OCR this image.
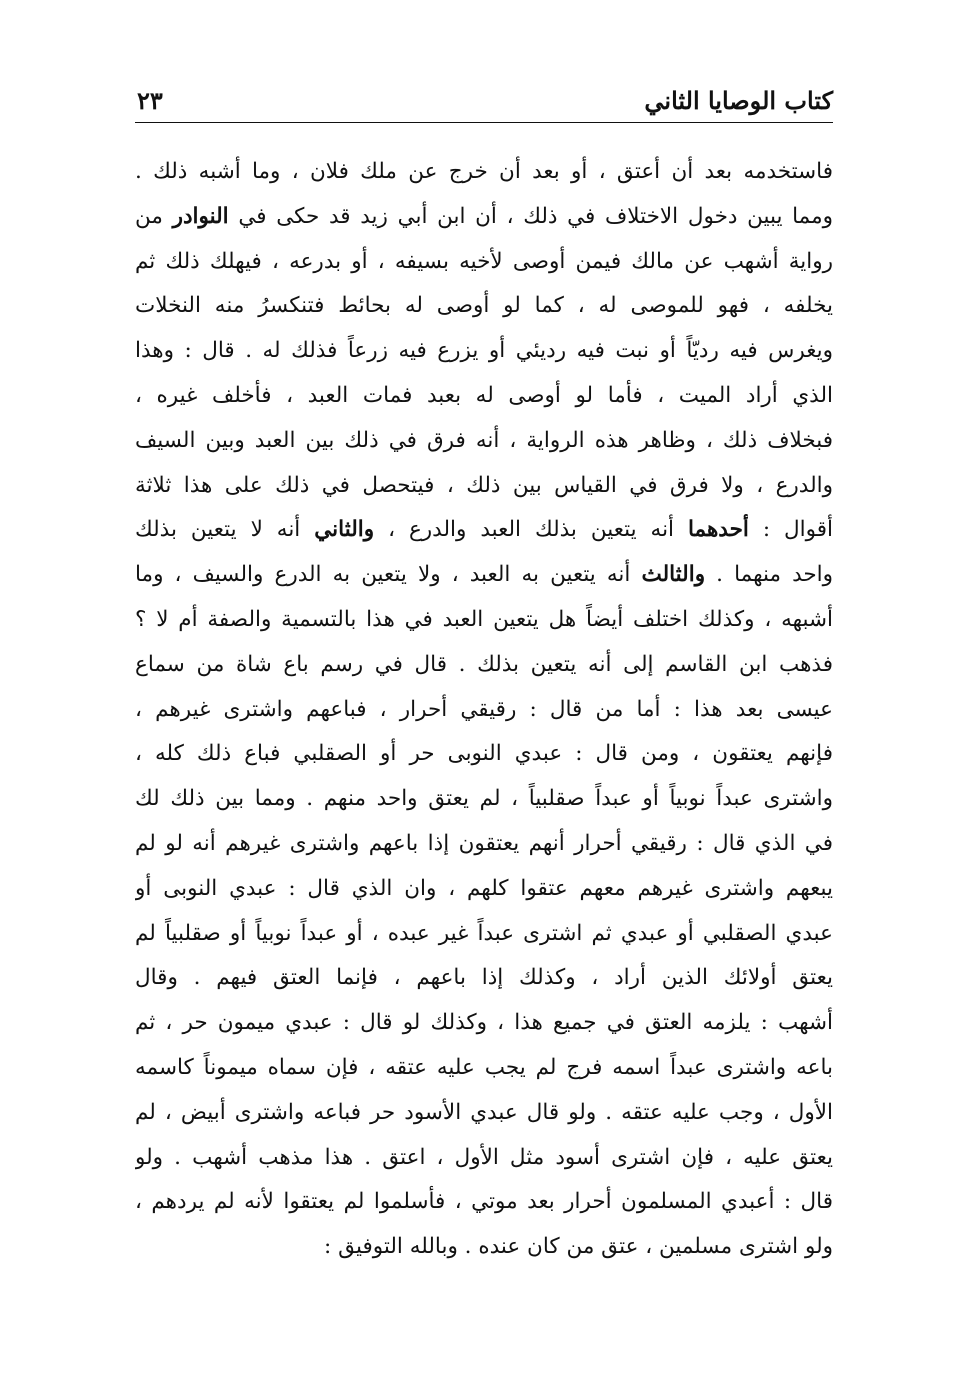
كتاب الوصايا الثاني
٢٣
فاستخدمه بعد أن أعتق ، أو بعد أن خرج عن ملك فلان ، وما أشبه ذلك .
ومما يبين دخول الاختلاف في ذلك ، أن ابن أبي زيد قد حكى في النوادر من
رواية أشهب عن مالك فيمن أوصى لأخيه بسيفه ، أو بدرعه ، فيهلك ذلك ثم
يخلفه ، فهو للموصى له ، كما لو أوصى له بحائط فتنكسرُ منه النخلات
ويغرس فيه رديّاً أو نبت فيه رديئي أو يزرع فيه زرعاً فذلك له . قال : وهذا
الذي أراد الميت ، فأما لو أوصى له بعبد فمات العبد ، فأخلف غيره ،
فبخلاف ذلك ، وظاهر هذه الرواية ، أنه فرق في ذلك بين العبد وبين السيف
والدرع ، ولا فرق في القياس بين ذلك ، فيتحصل في ذلك على هذا ثلاثة
أقوال : أحدهما أنه يتعين بذلك العبد والدرع ، والثاني أنه لا يتعين بذلك
واحد منهما . والثالث أنه يتعين به العبد ، ولا يتعين به الدرع والسيف ، وما
أشبهه ، وكذلك اختلف أيضاً هل يتعين العبد في هذا بالتسمية والصفة أم لا ؟
فذهب ابن القاسم إلى أنه يتعين بذلك . قال في رسم باع شاة من سماع
عيسى بعد هذا : أما من قال : رقيقي أحرار ، فباعهم واشترى غيرهم ،
فإنهم يعتقون ، ومن قال : عبدي النوبى حر أو الصقلبي فباع ذلك كله ،
واشترى عبداً نوبياً أو عبداً صقلبياً ، لم يعتق واحد منهم . ومما بين ذلك لك
في الذي قال : رقيقي أحرار أنهم يعتقون إذا باعهم واشترى غيرهم أنه لو لم
يبعهم واشترى غيرهم معهم عتقوا كلهم ، وان الذي قال : عبدي النوبى أو
عبدي الصقلبي أو عبدي ثم اشترى عبداً غير عبده ، أو عبداً نوبياً أو صقلبياً لم
يعتق أولائك الذين أراد ، وكذلك إذا باعهم ، فإنما العتق فيهم . وقال
أشهب : يلزمه العتق في جميع هذا ، وكذلك لو قال : عبدي ميمون حر ، ثم
باعه واشترى عبداً اسمه فرج لم يجب عليه عتقه ، فإن سماه ميموناً كاسمه
الأول ، وجب عليه عتقه . ولو قال عبدي الأسود حر فباعه واشترى أبيض ، لم
يعتق عليه ، فإن اشترى أسود مثل الأول ، اعتق . هذا مذهب أشهب . ولو
قال : أعبدي المسلمون أحرار بعد موتي ، فأسلموا لم يعتقوا لأنه لم يردهم ،
ولو اشترى مسلمين ، عتق من كان عنده . وبالله التوفيق :
